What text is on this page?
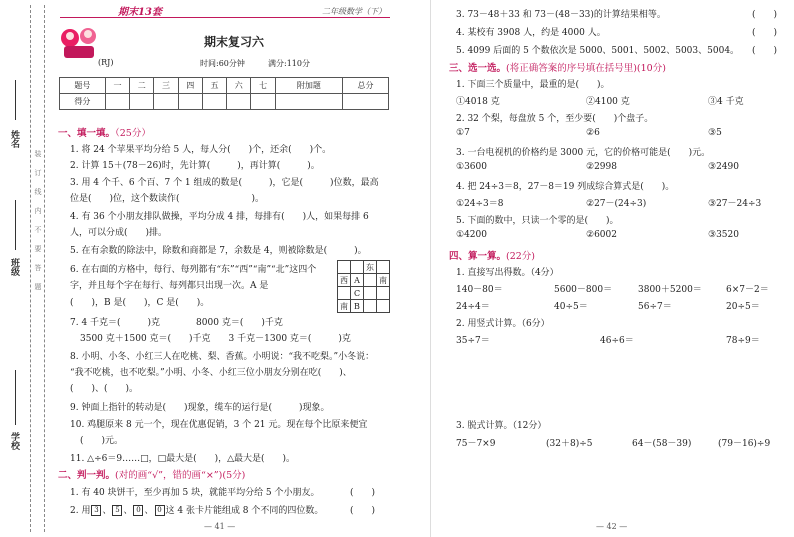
姓名
班级
学校
装订线内不要答题
期末13套	二年级数学（下）
期末复习六
(RJ)	时间:60分钟	满分:110分
题号	一	二	三	四	五	六	七	附加题	总分
得分									
一、填一填。（25分）
1. 将 24 个苹果平均分给 5 人，每人分(　　)个，还余(　　)个。
2. 计算 15＋(78－26)时，先计算(　　　)，再计算(　　　)。
3. 用 4 个千、6 个百、7 个 1 组成的数是(　　　)，它是(　　　)位数，最高
位是(　　)位，这个数读作(　　　　　　　　)。
4. 有 36 个小朋友排队做操，平均分成 4 排，每排有(　　)人，如果每排 6
人，可以分成(　　)排。
5. 在有余数的除法中，除数和商都是 7，余数是 4，则被除数是(　　　)。
6. 在右面的方格中，每行、每列都有“东”“西”“南”“北”这四个
字，并且每个字在每行、每列都只出现一次。A 是
(　　)，B 是(　　)，C 是(　　)。
		东	
西	A		南
	C		
南	B		
7. 4 千克＝(　　　)克　　　　8000 克＝(　　)千克
3500 克＋1500 克＝(　　)千克　　3 千克－1300 克＝(　　　)克
8. 小明、小冬、小红三人在吃桃、梨、香蕉。小明说：“我不吃梨。”小冬说：
“我不吃桃，也不吃梨。”小明、小冬、小红三位小朋友分别在吃(　　)、
(　　)、(　　)。
9. 钟面上指针的转动是(　　)现象，缆车的运行是(　　　)现象。
10. 鸡腿原来 8 元一个，现在优惠促销，3 个 21 元。现在每个比原来便宜
(　　)元。
11. △÷6＝9……□，□最大是(　　)，△最大是(　　)。
二、判一判。(对的画“√”，错的画“×”)(5分)
1. 有 40 块饼干，至少再加 5 块，就能平均分给 5 个小朋友。	(　　)
2. 用 3 、 5 、 0 、 0 这 4 张卡片能组成 8 个不同的四位数。	(　　)
— 41 —
3. 73－48＋33 和 73－(48－33)的计算结果相等。	(　　)
4. 某校有 3908 人，约是 4000 人。	(　　)
5. 4099 后面的 5 个数依次是 5000、5001、5002、5003、5004。 (　　)
三、选一选。(将正确答案的序号填在括号里)(10分)
1. 下面三个质量中，最重的是(　　)。
①4018 克	②4100 克	③4 千克
2. 32 个梨，每盘放 5 个，至少要(　　)个盘子。
①7	②6	③5
3. 一台电视机的价格约是 3000 元，它的价格可能是(　　)元。
①3600	②2998	③2490
4. 把 24÷3＝8，27－8＝19 列成综合算式是(　　)。
①24÷3＝8	②27－(24÷3)	③27－24÷3
5. 下面的数中，只读一个零的是(　　)。
①4200	②6002	③3520
四、算一算。(22分)
1. 直接写出得数。（4分）
140－80＝	5600－800＝	3800＋5200＝	6×7－2＝
24÷4＝	40÷5＝	56÷7＝	20÷5＝
2. 用竖式计算。（6分）
35÷7＝	46÷6＝	78÷9＝
3. 脱式计算。（12分）
75－7×9	(32＋8)÷5	64－(58－39)	(79－16)÷9
— 42 —
